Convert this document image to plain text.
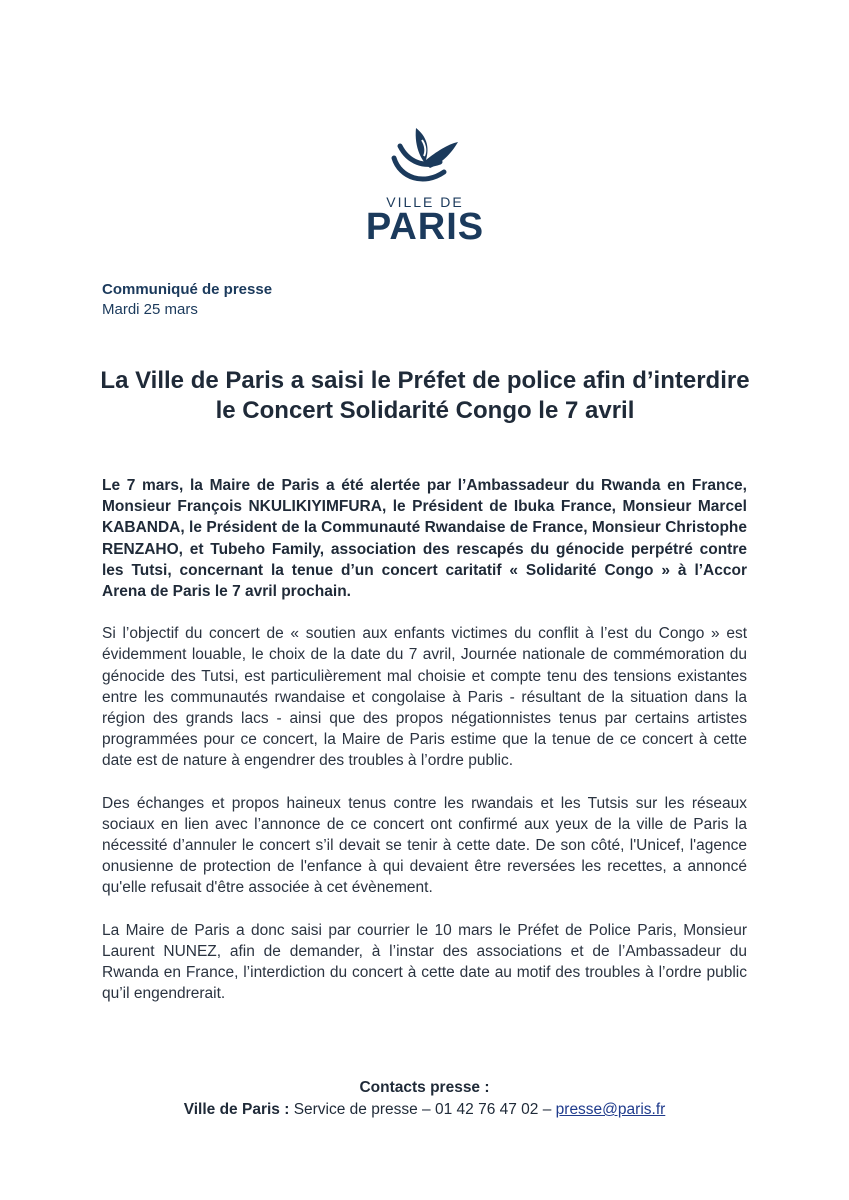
VILLE DE
PARIS
Communiqué de presse
Mardi 25 mars
La Ville de Paris a saisi le Préfet de police afin d’interdire le Concert Solidarité Congo le 7 avril

Le 7 mars, la Maire de Paris a été alertée par l’Ambassadeur du Rwanda en France, Monsieur François NKULIKIYIMFURA, le Président de Ibuka France, Monsieur Marcel KABANDA, le Président de la Communauté Rwandaise de France, Monsieur Christophe RENZAHO, et Tubeho Family, association des rescapés du génocide perpétré contre les Tutsi, concernant la tenue d’un concert caritatif « Solidarité Congo » à l’Accor Arena de Paris le 7 avril prochain.

Si l’objectif du concert de « soutien aux enfants victimes du conflit à l’est du Congo » est évidemment louable, le choix de la date du 7 avril, Journée nationale de commémoration du génocide des Tutsi, est particulièrement mal choisie et compte tenu des tensions existantes entre les communautés rwandaise et congolaise à Paris - résultant de la situation dans la région des grands lacs - ainsi que des propos négationnistes tenus par certains artistes programmées pour ce concert, la Maire de Paris estime que la tenue de ce concert à cette date est de nature à engendrer des troubles à l’ordre public.

Des échanges et propos haineux tenus contre les rwandais et les Tutsis sur les réseaux sociaux en lien avec l’annonce de ce concert ont confirmé aux yeux de la ville de Paris la nécessité d’annuler le concert s’il devait se tenir à cette date. De son côté, l'Unicef, l'agence onusienne de protection de l'enfance à qui devaient être reversées les recettes, a annoncé qu'elle refusait d'être associée à cet évènement.

La Maire de Paris a donc saisi par courrier le 10 mars le Préfet de Police Paris, Monsieur Laurent NUNEZ, afin de demander, à l’instar des associations et de l’Ambassadeur du Rwanda en France, l’interdiction du concert à cette date au motif des troubles à l’ordre public qu’il engendrerait.

Contacts presse :
Ville de Paris : Service de presse – 01 42 76 47 02 – presse@paris.fr
